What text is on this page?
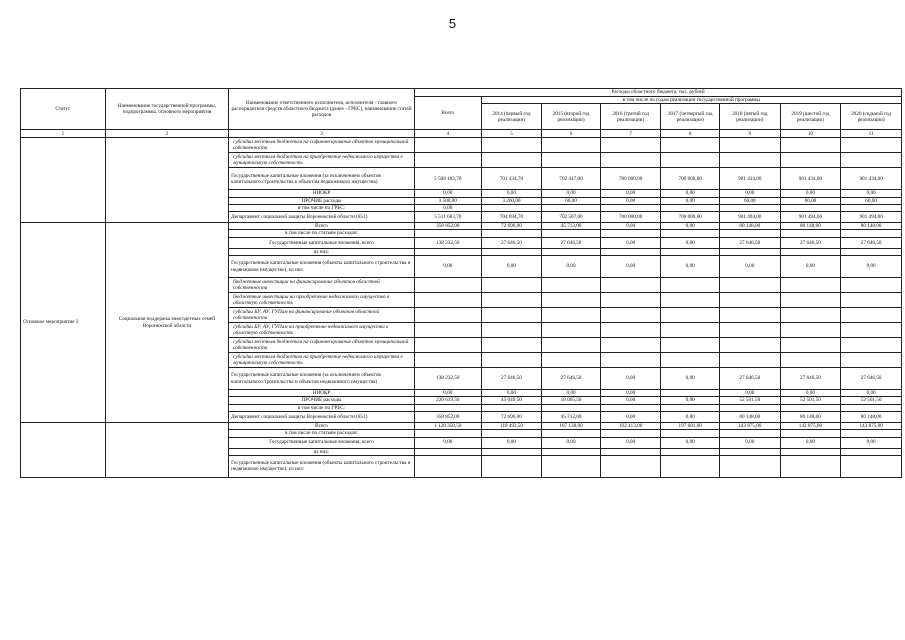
5
Статус	Наименование государственной программы, подпрограммы, основного мероприятия	Наименование ответственного исполнителя, исполнителя - главного распорядителя средств областного бюджета (далее - ГРБС), наименование статей расходов	Расходы областного бюджета, тыс. рублей							
			Всего	в том числе по годам реализации государственной программы						
				2014 (первый год реализации)	2015 (второй год реализации)	2016 (третий год реализации)	2017 (четвертый год реализации)	2018 (пятый год реализации)	2019 (шестой год реализации)	2020 (седьмой год реализации)
1	2	3	4	5	6	7	8	9	10	11
		субсидии местным бюджетам на софинансирование объектов муниципальной собственности								
		субсидии местным бюджетам на приобретение недвижимого имущества в муниципальную собственность								
		Государственные капитальные вложения (за исключением объектов капитального строительства к объектам недвижимого имущества)	5 508 183,70	701 434,70	702 447,00	700 000,00	700 000,00	901 434,00	901 434,00	901 434,00
		НИОКР	0,00	0,00	0,00	0,00	0,00	0,00	0,00	0,00
		ПРОЧИЕ расходы	3 500,00	3 260,00	60,00	0,00	0,00	60,00	60,00	60,00
		в том числе по ГРБС:	0,00							
		Департамент социальной защиты Воронежской области (851)	5 511 683,70	704 694,70	702 507,00	700 000,00	700 000,00	901 494,00	901 494,00	901 494,00
Основное мероприятие 3	Социальная поддержка многодетных семей Воронежской области	Всего	358 852,00	72 696,00	45 713,00	0,00	0,00	80 148,00	80 148,00	80 148,00
		в том числе по статьям расходов:								
		Государственные капитальные вложения, всего	138 232,50	27 646,50	27 646,50	0,00	0,00	27 646,50	27 646,50	27 646,50
		из них:								
		Государственные капитальные вложения (объекты капитального строительства и недвижимое имущество), из них	0,00	0,00	0,00	0,00	0,00	0,00	0,00	0,00
		бюджетные инвестиции на финансирование объектов областной собственности								
		бюджетные инвестиции на приобретение недвижимого имущества в областную собственность								
		субсидии БУ, АУ, ГУПам на финансирование объектов областной собственности								
		субсидии БУ, АУ, ГУПам на приобретение недвижимого имущества в областную собственность								
		субсидии местным бюджетам на софинансирование объектов муниципальной собственности								
		субсидии местным бюджетам на приобретение недвижимого имущества в муниципальную собственность								
		Государственные капитальные вложения (за исключением объектов капитального строительства и объектов недвижимого имущества)	138 232,50	27 646,50	27 646,50	0,00	0,00	27 646,50	27 646,50	27 646,50
		НИОКР	0,00	0,00	0,00	0,00		0,00	0,00	0,00
		ПРОЧИЕ расходы	220 619,50	45 049,50	18 065,50	0,00	0,00	52 501,50	52 501,50	52 501,50
		в том числе по ГРБС:								
		Департамент социальной защиты Воронежской области (851)	358 852,00	72 696,00	45 712,00	0,00	0,00	80 148,00	80 148,00	80 148,00
		Всего	1 128 350,50	119 493,50	187 138,00	192 413,00	197 681,00	143 875,00	143 875,00	143 875,00
		в том числе по статьям расходов:								
		Государственные капитальные вложения, всего	0,00	0,00	0,00	0,00	0,00	0,00	0,00	0,00
		из них:								
		Государственные капитальные вложения (объекты капитального строительства и недвижимое имущество), из них:								
